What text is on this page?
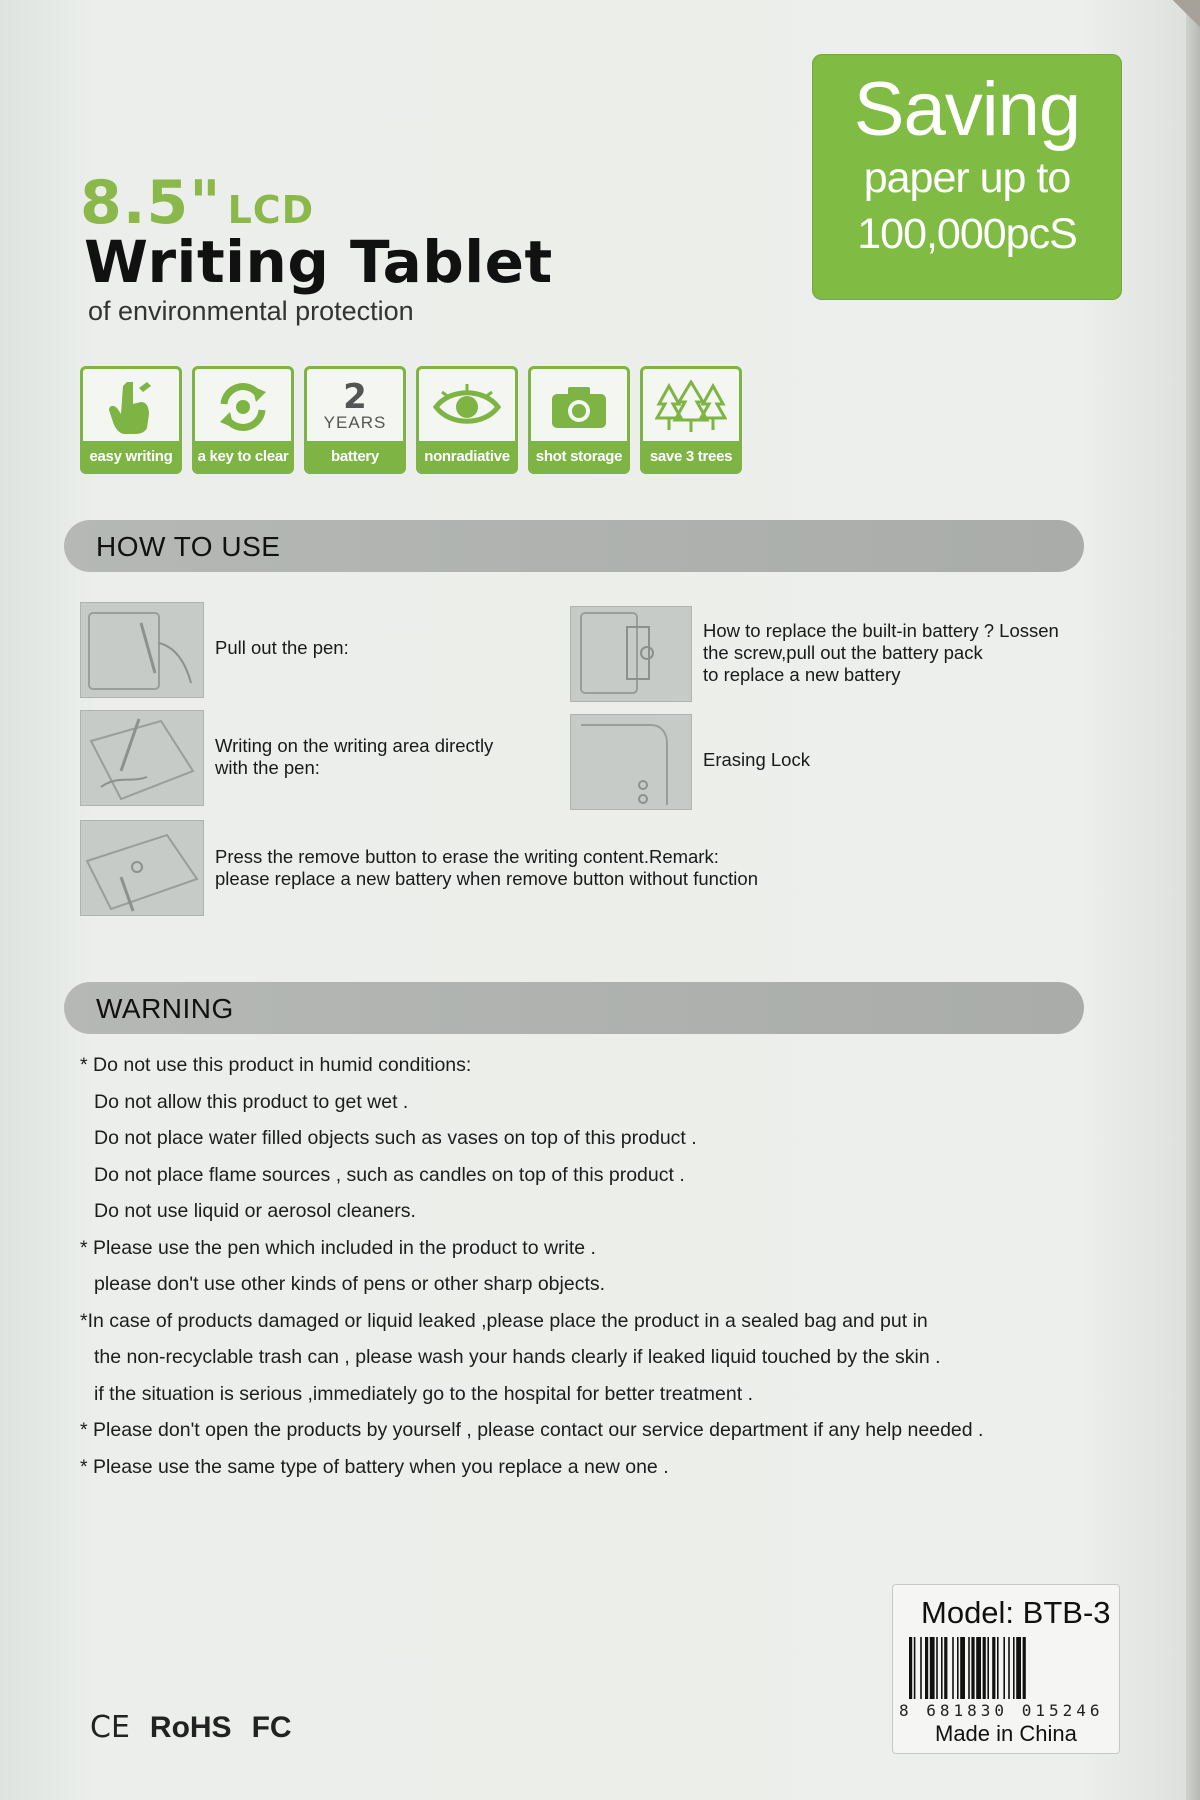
8.5" LCD
Writing Tablet
of environmental protection
Saving
paper up to
100,000pcS
easy writing	a key to clear
2
YEARS
battery	nonradiative	shot storage	save 3 trees
HOW TO USE
Pull out the pen:
Writing on the writing area directly
with the pen:
Press the remove button to erase the writing content.Remark:
please replace a new battery when remove button without function
How to replace the built-in battery ? Lossen
the screw,pull out the battery pack
to replace a new battery
Erasing Lock
WARNING
* Do not use this product in humid conditions:
Do not allow this product to get wet .
Do not place water filled objects such as vases on top of this product .
Do not place flame sources , such as candles on top of this product .
Do not use liquid or aerosol cleaners.
* Please use the pen which included in the product to write .
please don't use other kinds of pens or other sharp objects.
*In case of products damaged or liquid leaked ,please place the product in a sealed bag and put in
the non-recyclable trash can , please wash your hands clearly if leaked liquid touched by the skin .
if the situation is serious ,immediately go to the hospital for better treatment .
* Please don't open the products by yourself , please contact our service department if any help needed .
* Please use the same type of battery when you replace a new one .
CE RoHS FC
Model: BTB-3
8 681830 015246
Made in China
